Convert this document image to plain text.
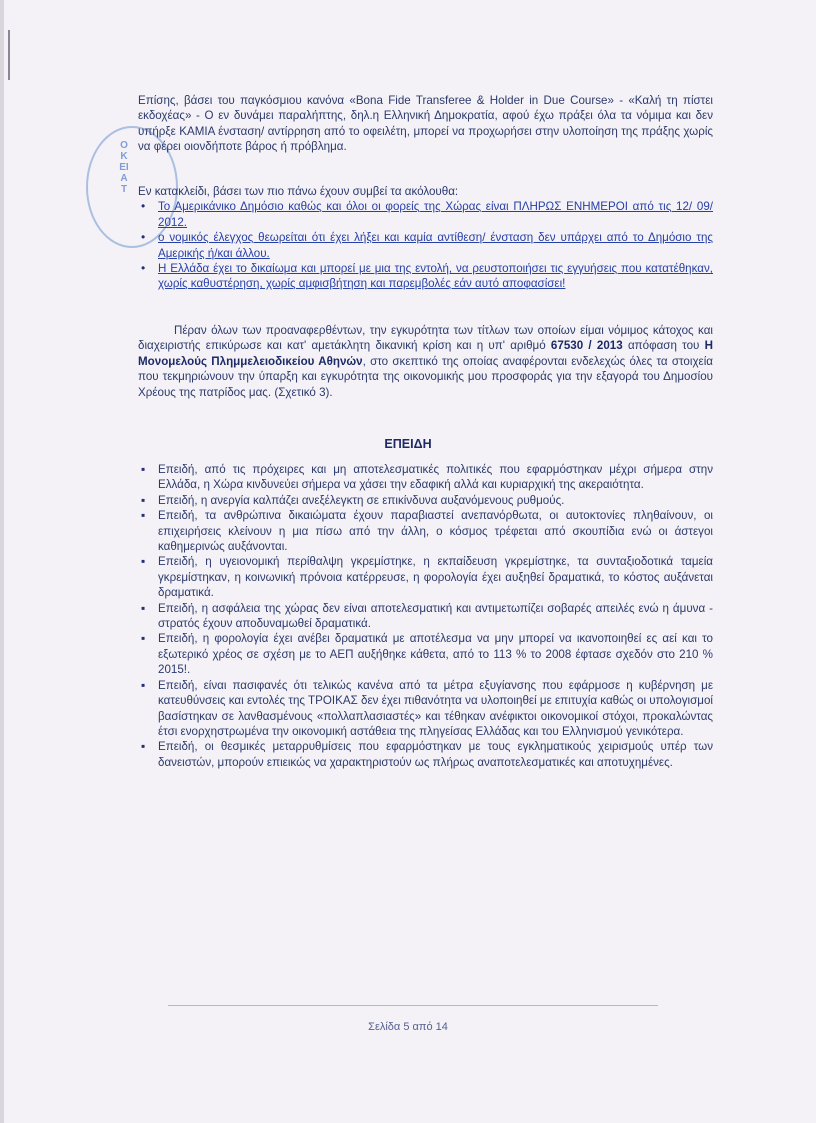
ΟΚΕΙΑΤ

Επίσης, βάσει του παγκόσμιου κανόνα «Bona Fide Transferee & Holder in Due Course» - «Καλή τη πίστει εκδοχέας» - Ο εν δυνάμει παραλήπτης, δηλ.η Ελληνική Δημοκρατία, αφού έχω πράξει όλα τα νόμιμα και δεν υπήρξε ΚΑΜΙΑ ένσταση/ αντίρρηση από το οφειλέτη, μπορεί να προχωρήσει στην υλοποίηση της πράξης χωρίς να φέρει οιονδήποτε βάρος ή πρόβλημα.

Εν κατακλείδι, βάσει των πιο πάνω έχουν συμβεί τα ακόλουθα:

• Το Αμερικάνικο Δημόσιο καθώς και όλοι οι φορείς της Χώρας είναι ΠΛΗΡΩΣ ΕΝΗΜΕΡΟΙ από τις 12/ 09/ 2012.
• ο νομικός έλεγχος θεωρείται ότι έχει λήξει και καμία αντίθεση/ ένσταση δεν υπάρχει από το Δημόσιο της Αμερικής ή/και άλλου.
• Η Ελλάδα έχει το δικαίωμα και μπορεί με μια της εντολή, να ρευστοποιήσει τις εγγυήσεις που κατατέθηκαν, χωρίς καθυστέρηση, χωρίς αμφισβήτηση και παρεμβολές εάν αυτό αποφασίσει!

Πέραν όλων των προαναφερθέντων, την εγκυρότητα των τίτλων των οποίων είμαι νόμιμος κάτοχος και διαχειριστής επικύρωσε και κατ' αμετάκλητη δικανική κρίση και η υπ' αριθμό 67530 / 2013 απόφαση του Η Μονομελούς Πλημμελειοδικείου Αθηνών, στο σκεπτικό της οποίας αναφέρονται ενδελεχώς όλες τα στοιχεία που τεκμηριώνουν την ύπαρξη και εγκυρότητα της οικονομικής μου προσφοράς για την εξαγορά του Δημοσίου Χρέους της πατρίδος μας. (Σχετικό 3).

ΕΠΕΙΔΗ
▪ Επειδή, από τις πρόχειρες και μη αποτελεσματικές πολιτικές που εφαρμόστηκαν μέχρι σήμερα στην Ελλάδα, η Χώρα κινδυνεύει σήμερα να χάσει την εδαφική αλλά και κυριαρχική της ακεραιότητα.
▪ Επειδή, η ανεργία καλπάζει ανεξέλεγκτη σε επικίνδυνα αυξανόμενους ρυθμούς.
▪ Επειδή, τα ανθρώπινα δικαιώματα έχουν παραβιαστεί ανεπανόρθωτα, οι αυτοκτονίες πληθαίνουν, οι επιχειρήσεις κλείνουν η μια πίσω από την άλλη, ο κόσμος τρέφεται από σκουπίδια ενώ οι άστεγοι καθημερινώς αυξάνονται.
▪ Επειδή, η υγειονομική περίθαλψη γκρεμίστηκε, η εκπαίδευση γκρεμίστηκε, τα συνταξιοδοτικά ταμεία γκρεμίστηκαν, η κοινωνική πρόνοια κατέρρευσε, η φορολογία έχει αυξηθεί δραματικά, το κόστος αυξάνεται δραματικά.
▪ Επειδή, η ασφάλεια της χώρας δεν είναι αποτελεσματική και αντιμετωπίζει σοβαρές απειλές ενώ η άμυνα - στρατός έχουν αποδυναμωθεί δραματικά.
▪ Επειδή, η φορολογία έχει ανέβει δραματικά με αποτέλεσμα να μην μπορεί να ικανοποιηθεί ες αεί και το εξωτερικό χρέος σε σχέση με το ΑΕΠ αυξήθηκε κάθετα, από το 113 % το 2008 έφτασε σχεδόν στο 210 % 2015!.
▪ Επειδή, είναι πασιφανές ότι τελικώς κανένα από τα μέτρα εξυγίανσης που εφάρμοσε η κυβέρνηση με κατευθύνσεις και εντολές της ΤΡΟΙΚΑΣ δεν έχει πιθανότητα να υλοποιηθεί με επιτυχία καθώς οι υπολογισμοί βασίστηκαν σε λανθασμένους «πολλαπλασιαστές» και τέθηκαν ανέφικτοι οικονομικοί στόχοι, προκαλώντας έτσι ενορχηστρωμένα την οικονομική αστάθεια της πληγείσας Ελλάδας και του Ελληνισμού γενικότερα.
▪ Επειδή, οι θεσμικές μεταρρυθμίσεις που εφαρμόστηκαν με τους εγκληματικούς χειρισμούς υπέρ των δανειστών, μπορούν επιεικώς να χαρακτηριστούν ως πλήρως αναποτελεσματικές και αποτυχημένες.
Σελίδα 5 από 14
